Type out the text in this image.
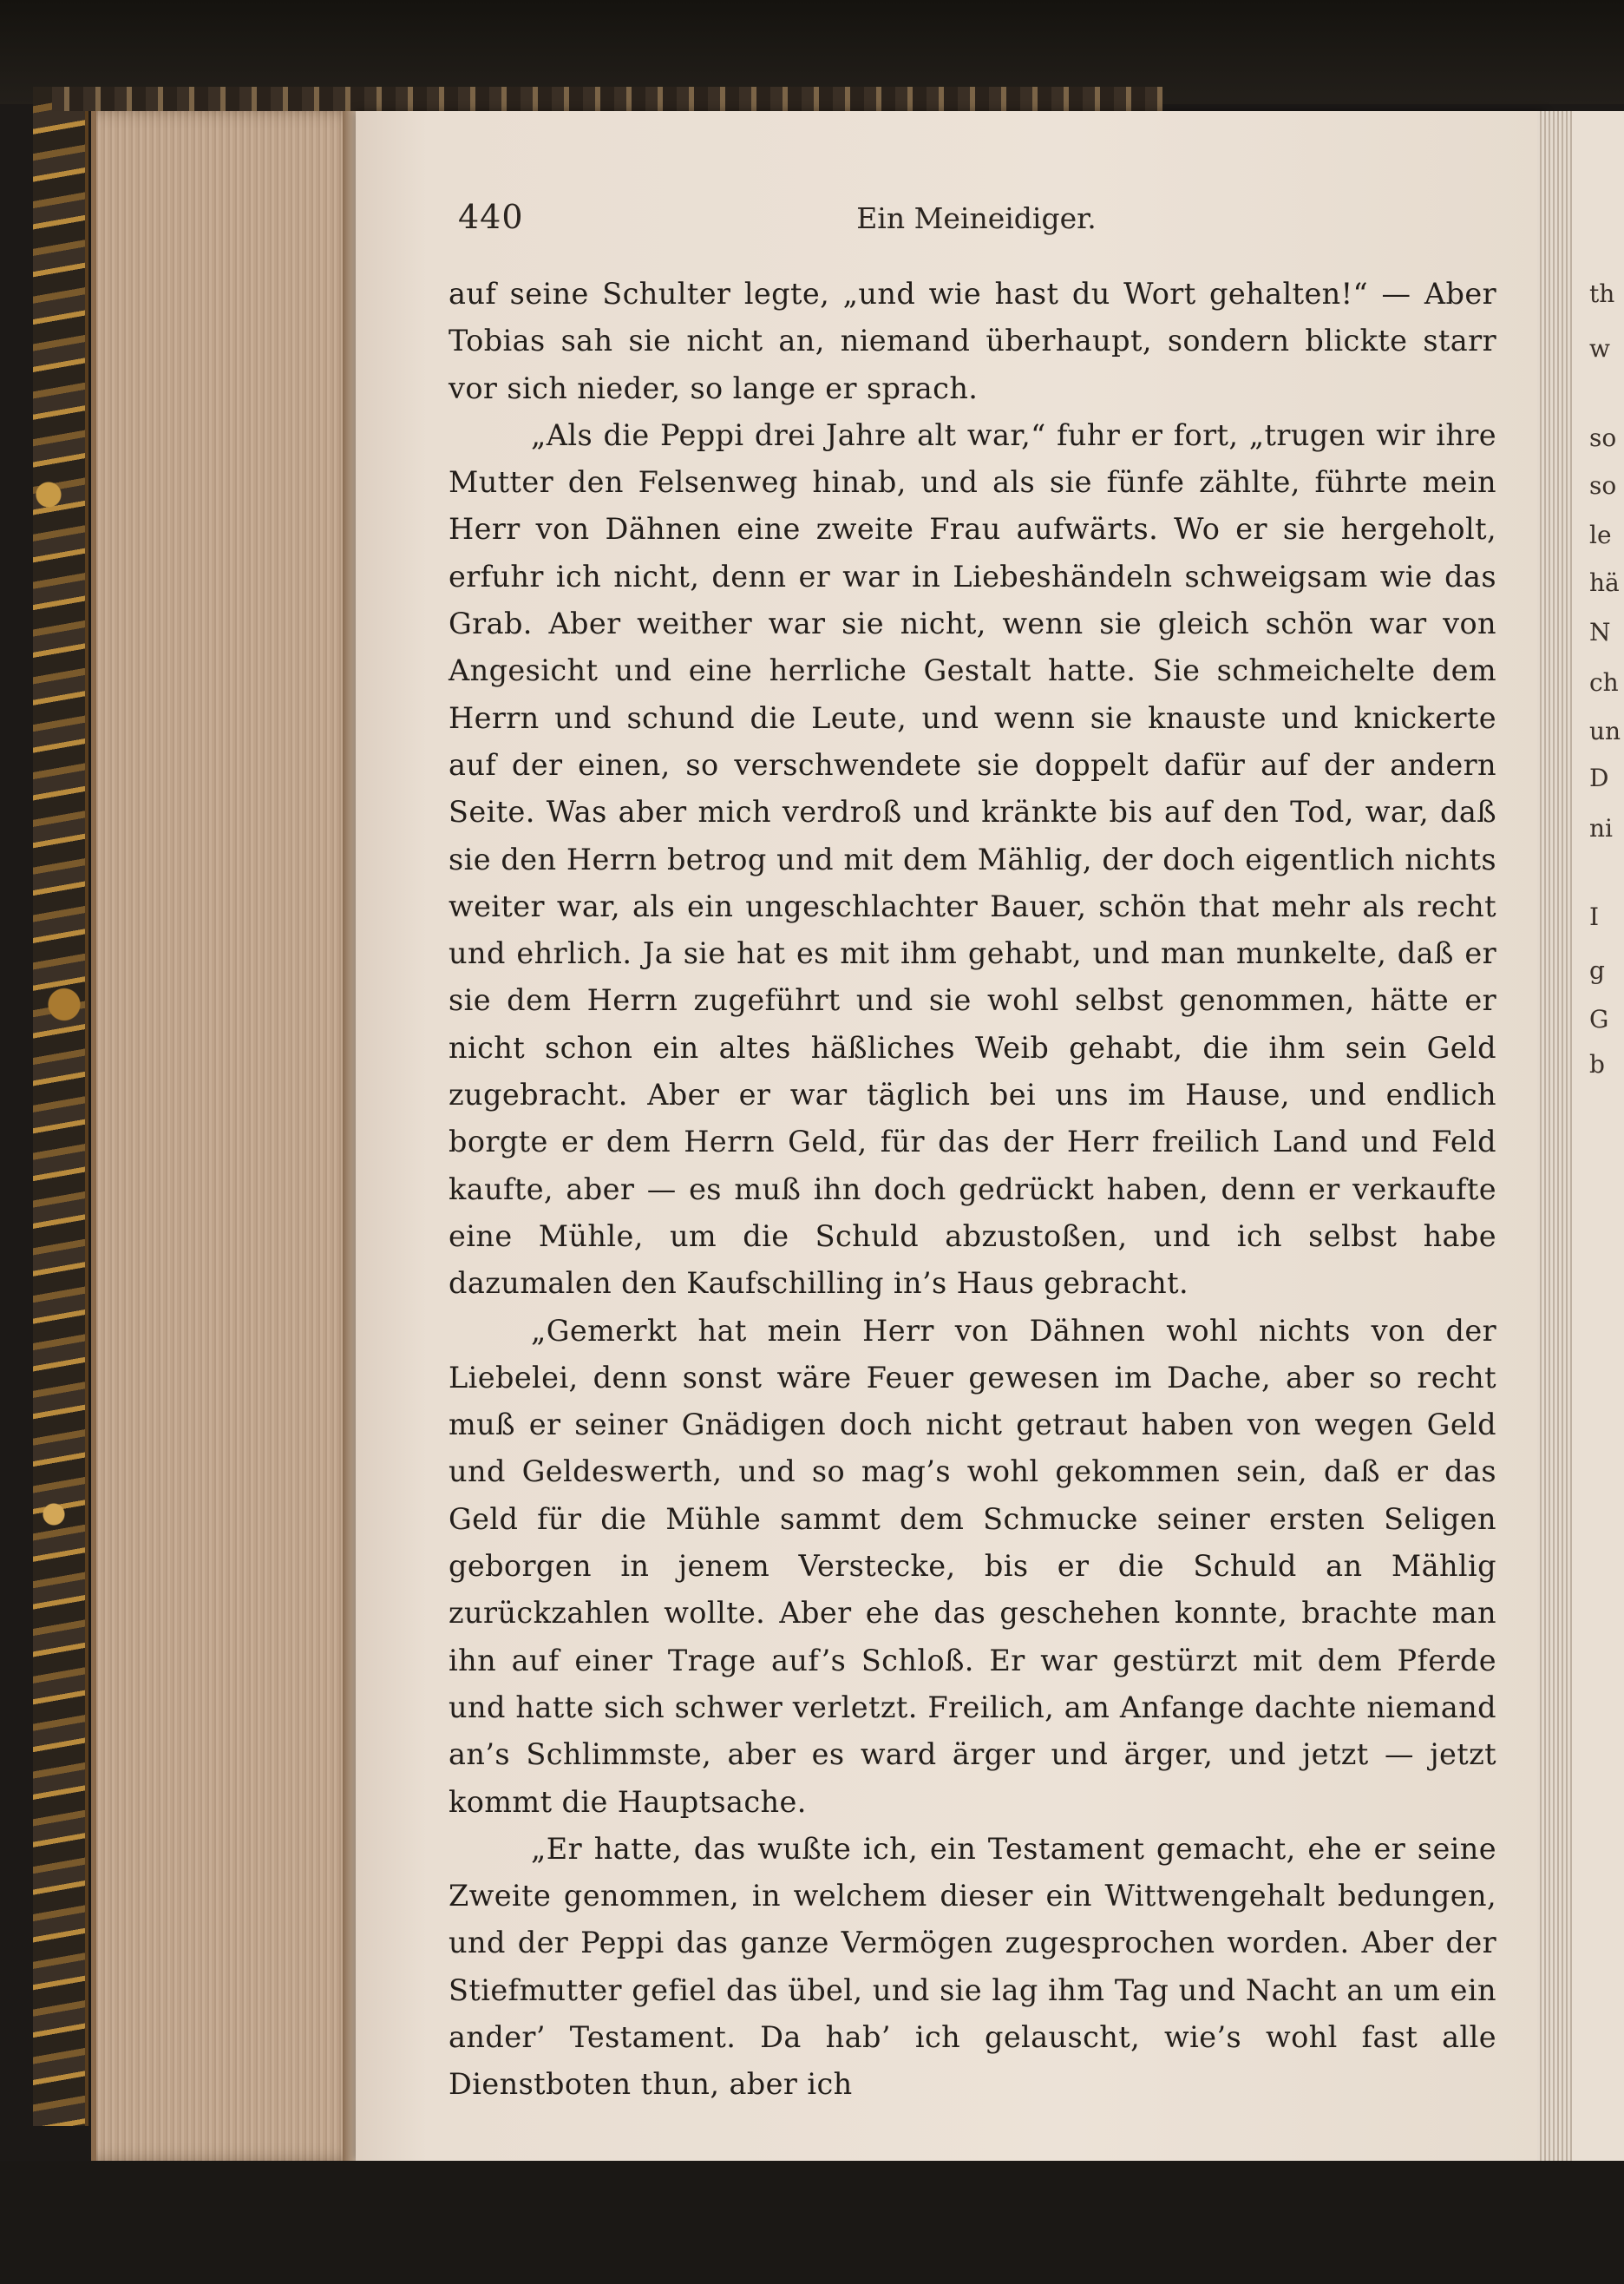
440	Ein Meineidiger.

auf seine Schulter legte, „und wie hast du Wort gehalten!“ — Aber Tobias sah sie nicht an, niemand überhaupt, sondern blickte starr vor sich nieder, so lange er sprach.

„Als die Peppi drei Jahre alt war,“ fuhr er fort, „trugen wir ihre Mutter den Felsenweg hinab, und als sie fünfe zählte, führte mein Herr von Dähnen eine zweite Frau aufwärts. Wo er sie hergeholt, erfuhr ich nicht, denn er war in Liebeshändeln schweigsam wie das Grab. Aber weither war sie nicht, wenn sie gleich schön war von Angesicht und eine herrliche Gestalt hatte. Sie schmeichelte dem Herrn und schund die Leute, und wenn sie knauste und knickerte auf der einen, so verschwendete sie doppelt dafür auf der andern Seite. Was aber mich verdroß und kränkte bis auf den Tod, war, daß sie den Herrn betrog und mit dem Mählig, der doch eigentlich nichts weiter war, als ein ungeschlachter Bauer, schön that mehr als recht und ehrlich. Ja sie hat es mit ihm gehabt, und man munkelte, daß er sie dem Herrn zugeführt und sie wohl selbst genommen, hätte er nicht schon ein altes häßliches Weib gehabt, die ihm sein Geld zugebracht. Aber er war täglich bei uns im Hause, und endlich borgte er dem Herrn Geld, für das der Herr freilich Land und Feld kaufte, aber — es muß ihn doch gedrückt haben, denn er verkaufte eine Mühle, um die Schuld abzustoßen, und ich selbst habe dazumalen den Kaufschilling in’s Haus gebracht.

„Gemerkt hat mein Herr von Dähnen wohl nichts von der Liebelei, denn sonst wäre Feuer gewesen im Dache, aber so recht muß er seiner Gnädigen doch nicht getraut haben von wegen Geld und Geldeswerth, und so mag’s wohl gekommen sein, daß er das Geld für die Mühle sammt dem Schmucke seiner ersten Seligen geborgen in jenem Verstecke, bis er die Schuld an Mählig zurückzahlen wollte. Aber ehe das geschehen konnte, brachte man ihn auf einer Trage auf’s Schloß. Er war gestürzt mit dem Pferde und hatte sich schwer verletzt. Freilich, am Anfange dachte niemand an’s Schlimmste, aber es ward ärger und ärger, und jetzt — jetzt kommt die Hauptsache.

„Er hatte, das wußte ich, ein Testament gemacht, ehe er seine Zweite genommen, in welchem dieser ein Wittwengehalt bedungen, und der Peppi das ganze Vermögen zugesprochen worden. Aber der Stiefmutter gefiel das übel, und sie lag ihm Tag und Nacht an um ein ander’ Testament. Da hab’ ich gelauscht, wie’s wohl fast alle Dienstboten thun, aber ich

th
w
so
so
le
hä
N
ch
un
D
ni
I
g
G
b
